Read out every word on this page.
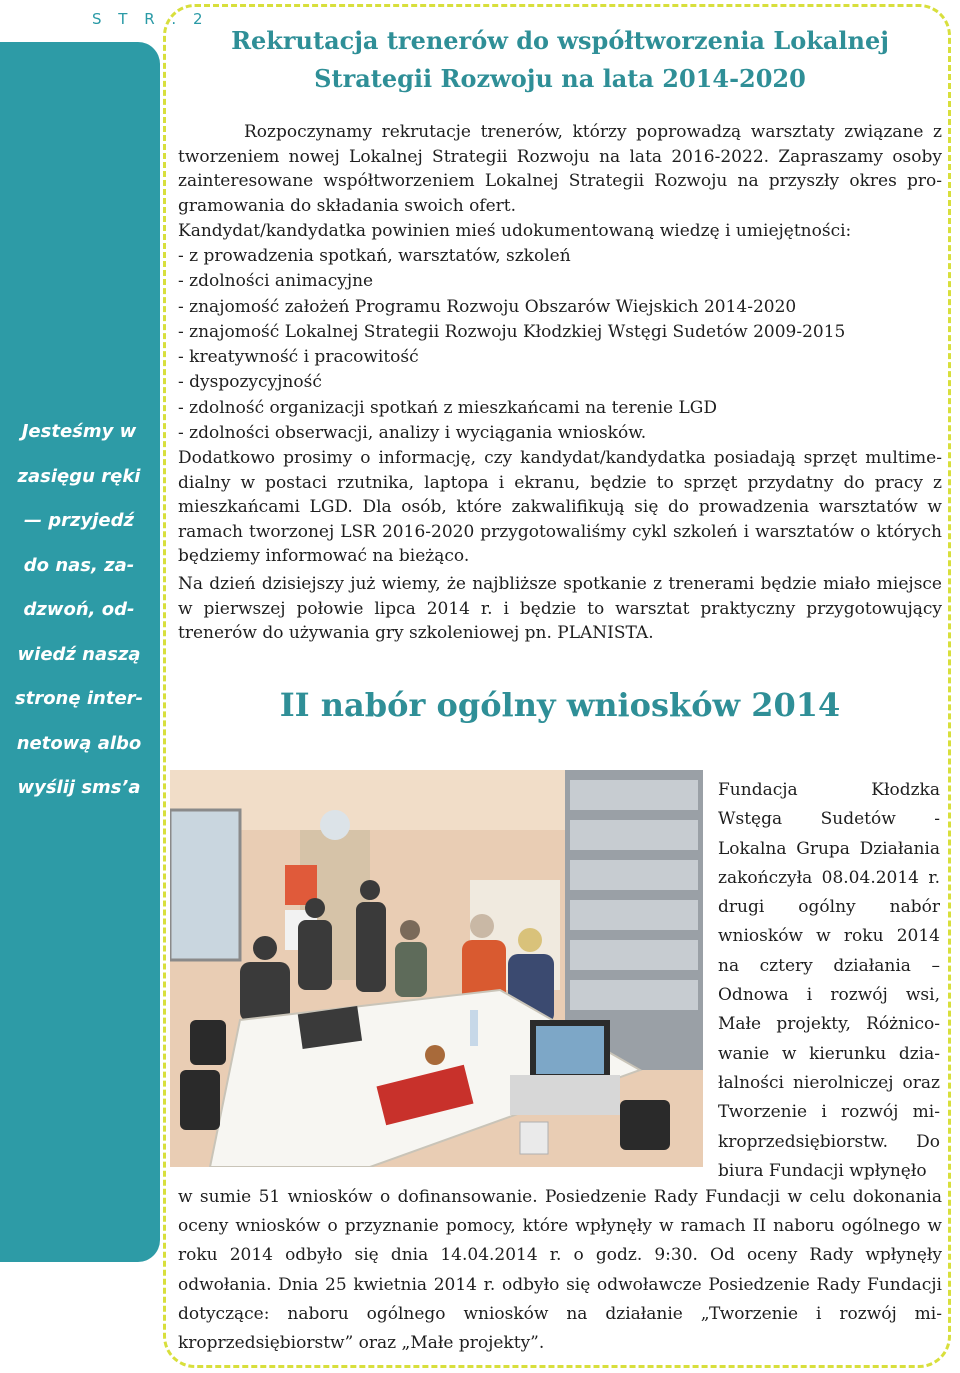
S T R . 2
Jesteśmy w
zasięgu ręki
— przyjedź
do nas, za-
dzwoń, od-
wiedź naszą
stronę inter-
netową albo
wyślij sms’a
Rekrutacja trenerów do współtworzenia Lokalnej
Strategii Rozwoju na lata 2014-2020

Rozpoczynamy rekrutacje trenerów, którzy poprowadzą warsztaty związane z tworzeniem nowej Lokalnej Strategii Rozwoju na lata 2016-2022. Zapraszamy osoby zainteresowane współtworzeniem Lokalnej Strategii Rozwoju na przyszły okres programowania do składania swoich ofert.

Kandydat/kandydatka powinien mieś udokumentowaną wiedzę i umiejętności:

- z prowadzenia spotkań, warsztatów, szkoleń
- zdolności animacyjne
- znajomość założeń Programu Rozwoju Obszarów Wiejskich 2014-2020
- znajomość Lokalnej Strategii Rozwoju Kłodzkiej Wstęgi Sudetów 2009-2015
- kreatywność i pracowitość
- dyspozycyjność
- zdolność organizacji spotkań z mieszkańcami na terenie LGD
- zdolności obserwacji, analizy i wyciągania wniosków.

Dodatkowo prosimy o informację, czy kandydat/kandydatka posiadają sprzęt multimedialny w postaci rzutnika, laptopa i ekranu, będzie to sprzęt przydatny do pracy z mieszkańcami LGD. Dla osób, które zakwalifikują się do prowadzenia warsztatów w ramach tworzonej LSR 2016-2020 przygotowaliśmy cykl szkoleń i warsztatów o których będziemy informować na bieżąco.

Na dzień dzisiejszy już wiemy, że najbliższe spotkanie z trenerami będzie miało miejsce w pierwszej połowie lipca 2014 r. i będzie to warsztat praktyczny przygotowujący trenerów do używania gry szkoleniowej pn. PLANISTA.

II nabór ogólny wniosków 2014

Fundacja Kłodzka Wstęga Sudetów - Lokalna Grupa Działania zakończyła 08.04.2014 r. drugi ogólny nabór wniosków w roku 2014 na cztery działania – Odnowa i rozwój wsi, Małe projekty, Różnicowanie w kierunku działalności nierolniczej oraz Tworzenie i rozwój mikroprzedsiębiorstw. Do biura Fundacji wpłynęło

w sumie 51 wniosków o dofinansowanie. Posiedzenie Rady Fundacji w celu dokonania oceny wniosków o przyznanie pomocy, które wpłynęły w ramach II naboru ogólnego w roku 2014 odbyło się dnia 14.04.2014 r. o godz. 9:30. Od oceny Rady wpłynęły odwołania. Dnia 25 kwietnia 2014 r. odbyło się odwoławcze Posiedzenie Rady Fundacji dotyczące: naboru ogólnego wniosków na działanie „Tworzenie i rozwój mikroprzedsiębiorstw” oraz „Małe projekty”.
